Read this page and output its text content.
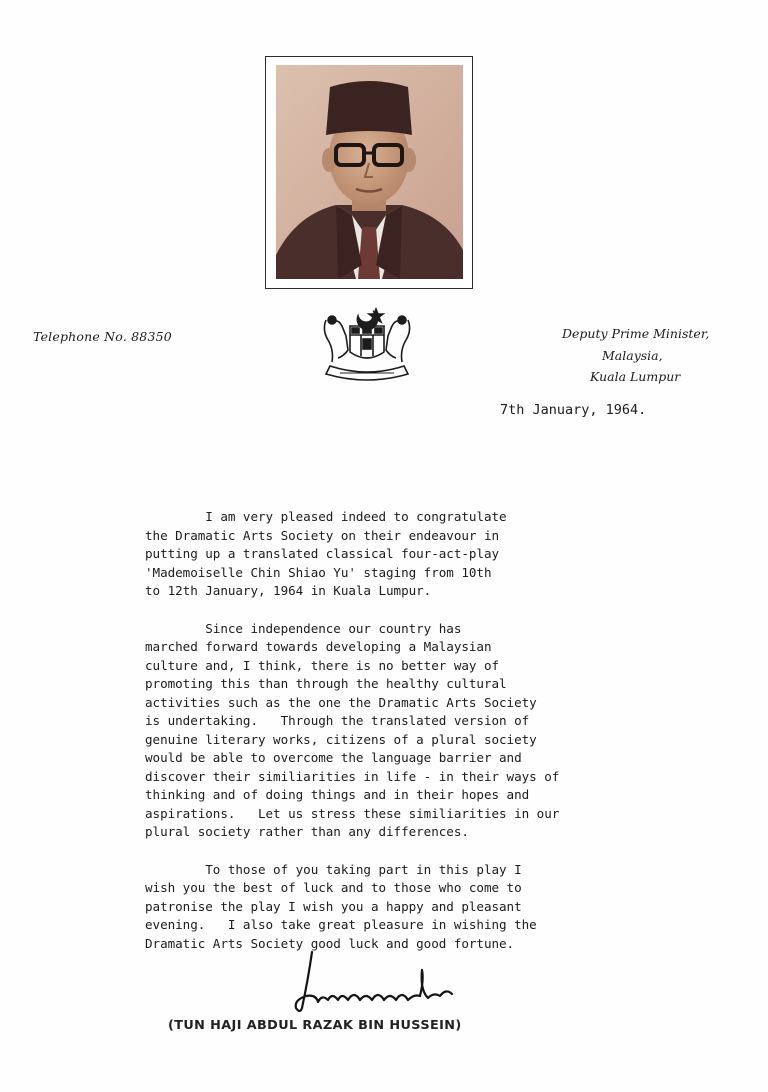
Telephone No. 88350	Deputy Prime Minister,
Malaysia,
Kuala Lumpur
7th January, 1964.

I am very pleased indeed to congratulate
the Dramatic Arts Society on their endeavour in
putting up a translated classical four-act-play
'Mademoiselle Chin Shiao Yu' staging from 10th
to 12th January, 1964 in Kuala Lumpur.

Since independence our country has
marched forward towards developing a Malaysian
culture and, I think, there is no better way of
promoting this than through the healthy cultural
activities such as the one the Dramatic Arts Society
is undertaking.   Through the translated version of
genuine literary works, citizens of a plural society
would be able to overcome the language barrier and
discover their similiarities in life - in their ways of
thinking and of doing things and in their hopes and
aspirations.   Let us stress these similiarities in our
plural society rather than any differences.

To those of you taking part in this play I
wish you the best of luck and to those who come to
patronise the play I wish you a happy and pleasant
evening.   I also take great pleasure in wishing the
Dramatic Arts Society good luck and good fortune.

(TUN HAJI ABDUL RAZAK BIN HUSSEIN)
